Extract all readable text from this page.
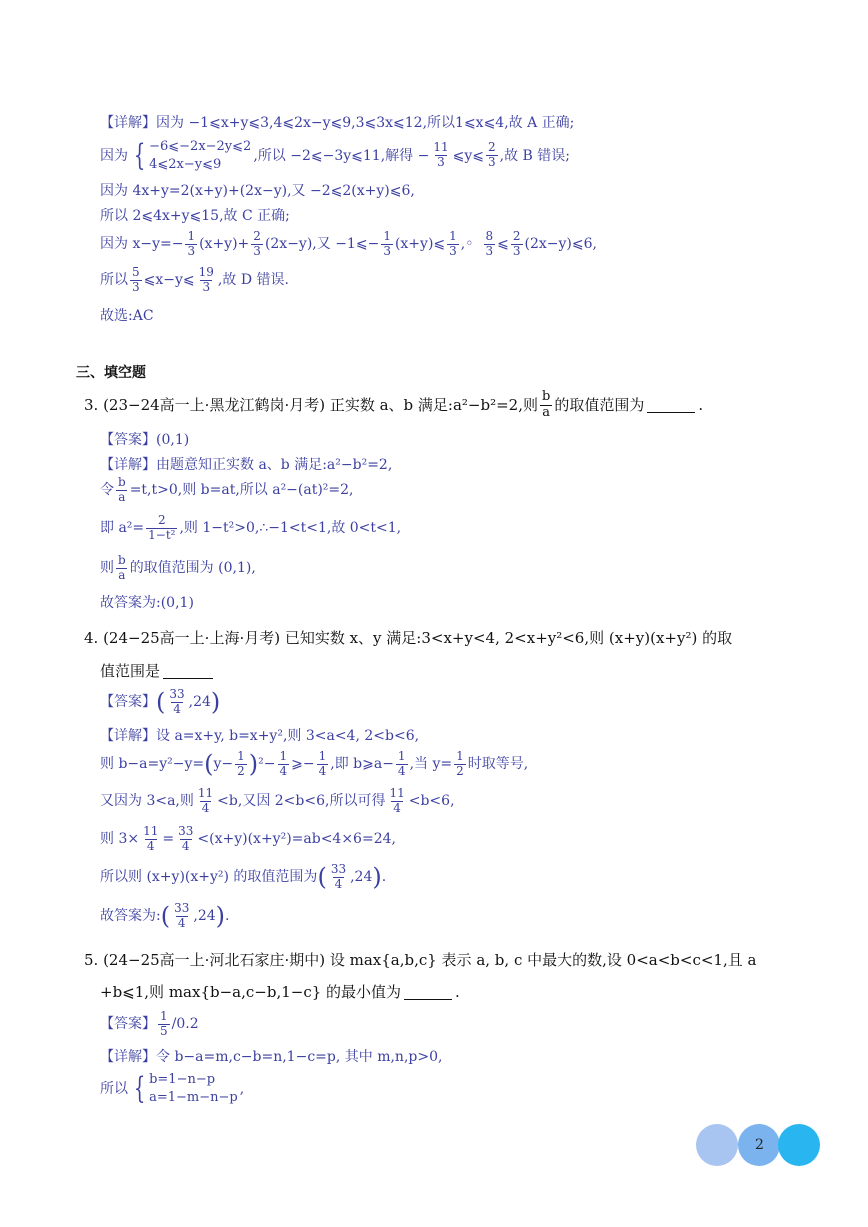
【详解】因为 −1⩽x+y⩽3,4⩽2x−y⩽9,3⩽3x⩽12,所以1⩽x⩽4,故 A 正确;
因为 { −6⩽−2x−2y⩽2
4⩽2x−y⩽9
,所以 −2⩽−3y⩽11,解得 − $\frac{11}{3}$ ⩽y⩽ $\frac{2}{3}$ ,故 B 错误;
因为 4x+y=2(x+y)+(2x−y),又 −2⩽2(x+y)⩽6,
所以 2⩽4x+y⩽15,故 C 正确;
因为 $x-y=- \frac{1}{3} (x+y)+ \frac{2}{3} (2x-y)$,又 −1⩽− $\frac{1}{3}$ (x+y)⩽ $\frac{1}{3}$ ,◦ $\frac{8}{3}$ ⩽ $\frac{2}{3}$ (2x−y)⩽6,
所以 $\frac{5}{3}$ ⩽x−y⩽ $\frac{19}{3}$ ,故 D 错误.
故选:AC
三、填空题
3. (23−24高一上·黑龙江鹤岗·月考) 正实数 a、b 满足:a²−b²=2,则 $\frac{b}{a}$ 的取值范围为	.
【答案】(0,1)
【详解】由题意知正实数 a、b 满足:a²−b²=2,
令 $\frac{b}{a} =t,t>0$,则 b=at,所以 a²−(at)²=2,
即 $a^2= \frac{2}{\text{1−t²}}$ ,则 1−t²>0,∴−1<t<1,故 0<t<1,
则 $\frac{b}{a}$ 的取值范围为 (0,1),
故答案为:(0,1)
4. (24−25高一上·上海·月考) 已知实数 x、y 满足:3<x+y<4, 2<x+y²<6,则 (x+y)(x+y²) 的取
值范围是
【答案】 ( $\frac{33}{4} ,24$ )
【详解】设 a=x+y, b=x+y²,则 3<a<4, 2<b<6,
则 b−a=y²−y= ( $y- \frac{1}{2}$ ) $^2- \frac{1}{4}$ ⩾− $\frac{1}{4}$ ,即 b⩾a− $\frac{1}{4}$ ,当 $y= \frac{1}{2}$ 时取等号,
又因为 3<a,则 $\frac{11}{4} <b$,又因 2<b<6,所以可得 $\frac{11}{4} <b<6$,
则 $3\times \frac{11}{4} = \frac{33}{4} <(x+y)(x+y^2)=ab<4\times 6=24$,
所以则 (x+y)(x+y²) 的取值范围为 ( $\frac{33}{4} ,24$ ) .
故答案为: ( $\frac{33}{4} ,24$ ) .
5. (24−25高一上·河北石家庄·期中) 设 max{a,b,c} 表示 a, b, c 中最大的数,设 0<a<b<c<1,且 a
+b⩽1,则 max{b−a,c−b,1−c} 的最小值为	.
【答案】 $\frac{1}{5} /0.2$
【详解】令 b−a=m,c−b=n,1−c=p, 其中 m,n,p>0,
所以 { b=1−n−p
a=1−m−n−p
,
2
